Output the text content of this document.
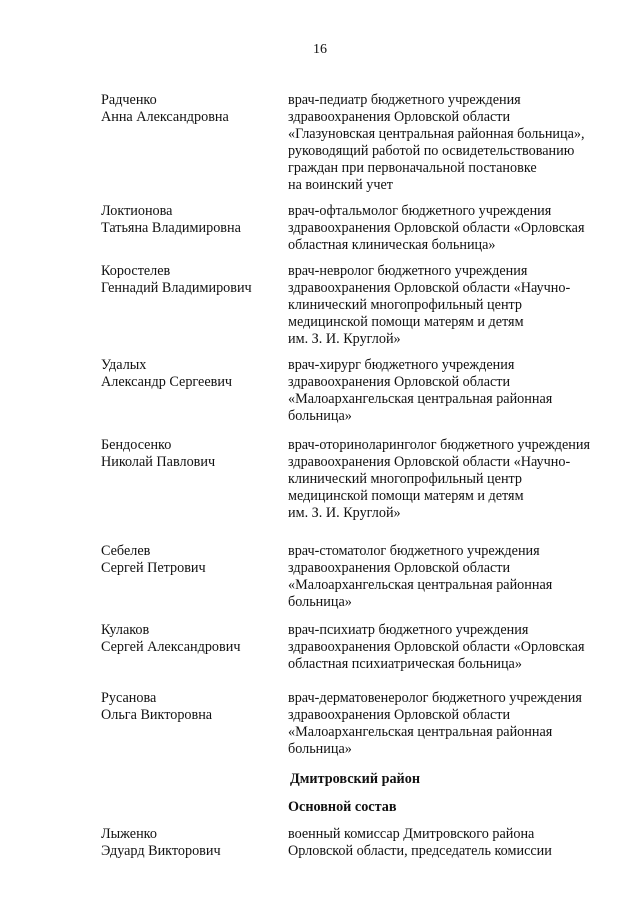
16
Радченко
Анна Александровна
врач-педиатр бюджетного учреждения
здравоохранения Орловской области
«Глазуновская центральная районная больница»,
руководящий работой по освидетельствованию
граждан при первоначальной постановке
на воинский учет
Локтионова
Татьяна Владимировна
врач-офтальмолог бюджетного учреждения
здравоохранения Орловской области «Орловская
областная клиническая больница»
Коростелев
Геннадий Владимирович
врач-невролог бюджетного учреждения
здравоохранения Орловской области «Научно-
клинический многопрофильный центр
медицинской помощи матерям и детям
им. З. И. Круглой»
Удалых
Александр Сергеевич
врач-хирург бюджетного учреждения
здравоохранения Орловской области
«Малоархангельская центральная районная
больница»
Бендосенко
Николай Павлович
врач-оториноларинголог бюджетного учреждения
здравоохранения Орловской области «Научно-
клинический многопрофильный центр
медицинской помощи матерям и детям
им. З. И. Круглой»
Себелев
Сергей Петрович
врач-стоматолог бюджетного учреждения
здравоохранения Орловской области
«Малоархангельская центральная районная
больница»
Кулаков
Сергей Александрович
врач-психиатр бюджетного учреждения
здравоохранения Орловской области «Орловская
областная психиатрическая больница»
Русанова
Ольга Викторовна
врач-дерматовенеролог бюджетного учреждения
здравоохранения Орловской области
«Малоархангельская центральная районная
больница»
Дмитровский район
Основной состав
Лыженко
Эдуард Викторович
военный комиссар Дмитровского района
Орловской области, председатель комиссии
